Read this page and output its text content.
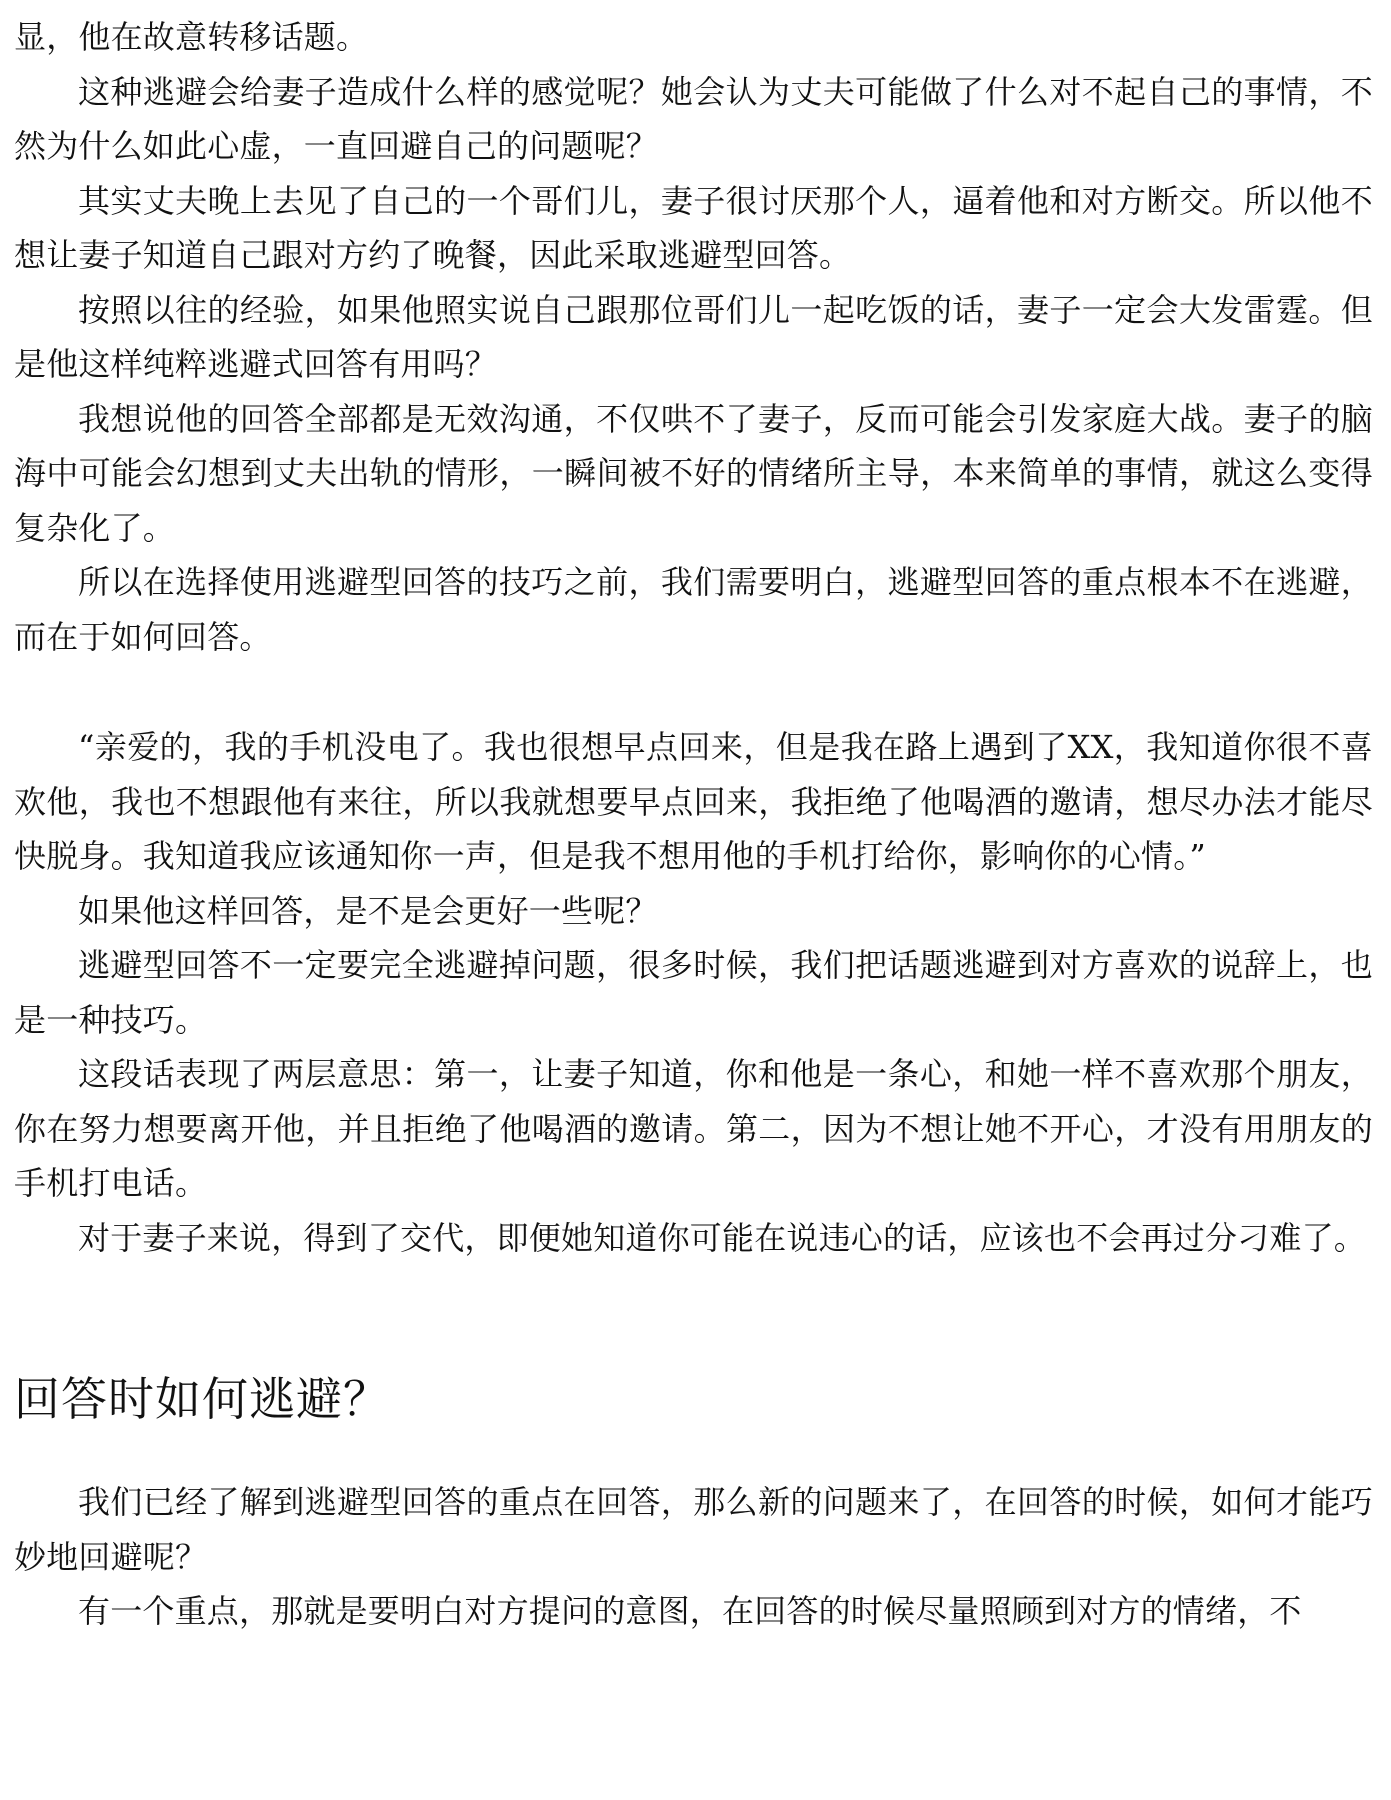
显，他在故意转移话题。

这种逃避会给妻子造成什么样的感觉呢？她会认为丈夫可能做了什么对不起自己的事情，不然为什么如此心虚，一直回避自己的问题呢？

其实丈夫晚上去见了自己的一个哥们儿，妻子很讨厌那个人，逼着他和对方断交。所以他不想让妻子知道自己跟对方约了晚餐，因此采取逃避型回答。

按照以往的经验，如果他照实说自己跟那位哥们儿一起吃饭的话，妻子一定会大发雷霆。但是他这样纯粹逃避式回答有用吗？

我想说他的回答全部都是无效沟通，不仅哄不了妻子，反而可能会引发家庭大战。妻子的脑海中可能会幻想到丈夫出轨的情形，一瞬间被不好的情绪所主导，本来简单的事情，就这么变得复杂化了。

所以在选择使用逃避型回答的技巧之前，我们需要明白，逃避型回答的重点根本不在逃避，而在于如何回答。

“亲爱的，我的手机没电了。我也很想早点回来，但是我在路上遇到了XX，我知道你很不喜欢他，我也不想跟他有来往，所以我就想要早点回来，我拒绝了他喝酒的邀请，想尽办法才能尽快脱身。我知道我应该通知你一声，但是我不想用他的手机打给你，影响你的心情。”

如果他这样回答，是不是会更好一些呢？

逃避型回答不一定要完全逃避掉问题，很多时候，我们把话题逃避到对方喜欢的说辞上，也是一种技巧。

这段话表现了两层意思：第一，让妻子知道，你和他是一条心，和她一样不喜欢那个朋友，你在努力想要离开他，并且拒绝了他喝酒的邀请。第二，因为不想让她不开心，才没有用朋友的手机打电话。

对于妻子来说，得到了交代，即便她知道你可能在说违心的话，应该也不会再过分刁难了。

回答时如何逃避？

我们已经了解到逃避型回答的重点在回答，那么新的问题来了，在回答的时候，如何才能巧妙地回避呢？

有一个重点，那就是要明白对方提问的意图，在回答的时候尽量照顾到对方的情绪，不
